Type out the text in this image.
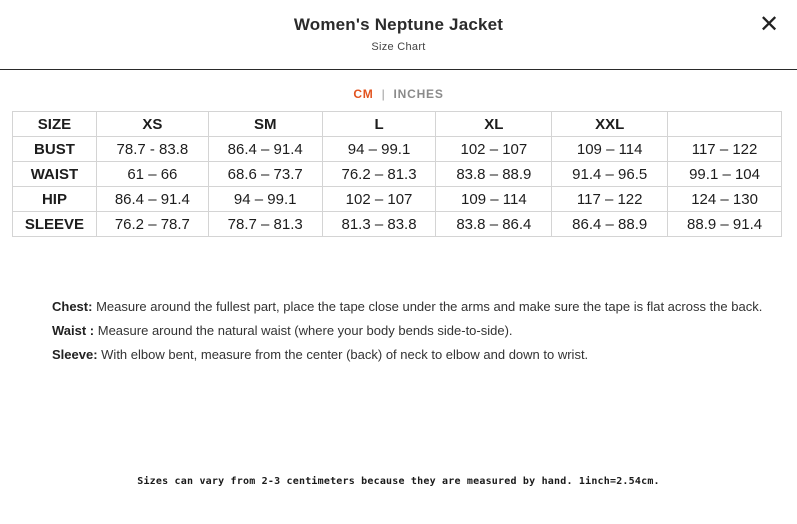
Women's Neptune Jacket
Size Chart
✕
CM | INCHES
SIZE	XS	SM	L	XL	XXL	
BUST	78.7 - 83.8	86.4 – 91.4	94 – 99.1	102 – 107	109 – 114	117 – 122
WAIST	61 – 66	68.6 – 73.7	76.2 – 81.3	83.8 – 88.9	91.4 – 96.5	99.1 – 104
HIP	86.4 – 91.4	94 – 99.1	102 – 107	109 – 114	117 – 122	124 – 130
SLEEVE	76.2 – 78.7	78.7 – 81.3	81.3 – 83.8	83.8 – 86.4	86.4 – 88.9	88.9 – 91.4
Chest: Measure around the fullest part, place the tape close under the arms and make sure the tape is flat across the back.
Waist : Measure around the natural waist (where your body bends side-to-side).
Sleeve: With elbow bent, measure from the center (back) of neck to elbow and down to wrist.
Sizes can vary from 2-3 centimeters because they are measured by hand. 1inch=2.54cm.
